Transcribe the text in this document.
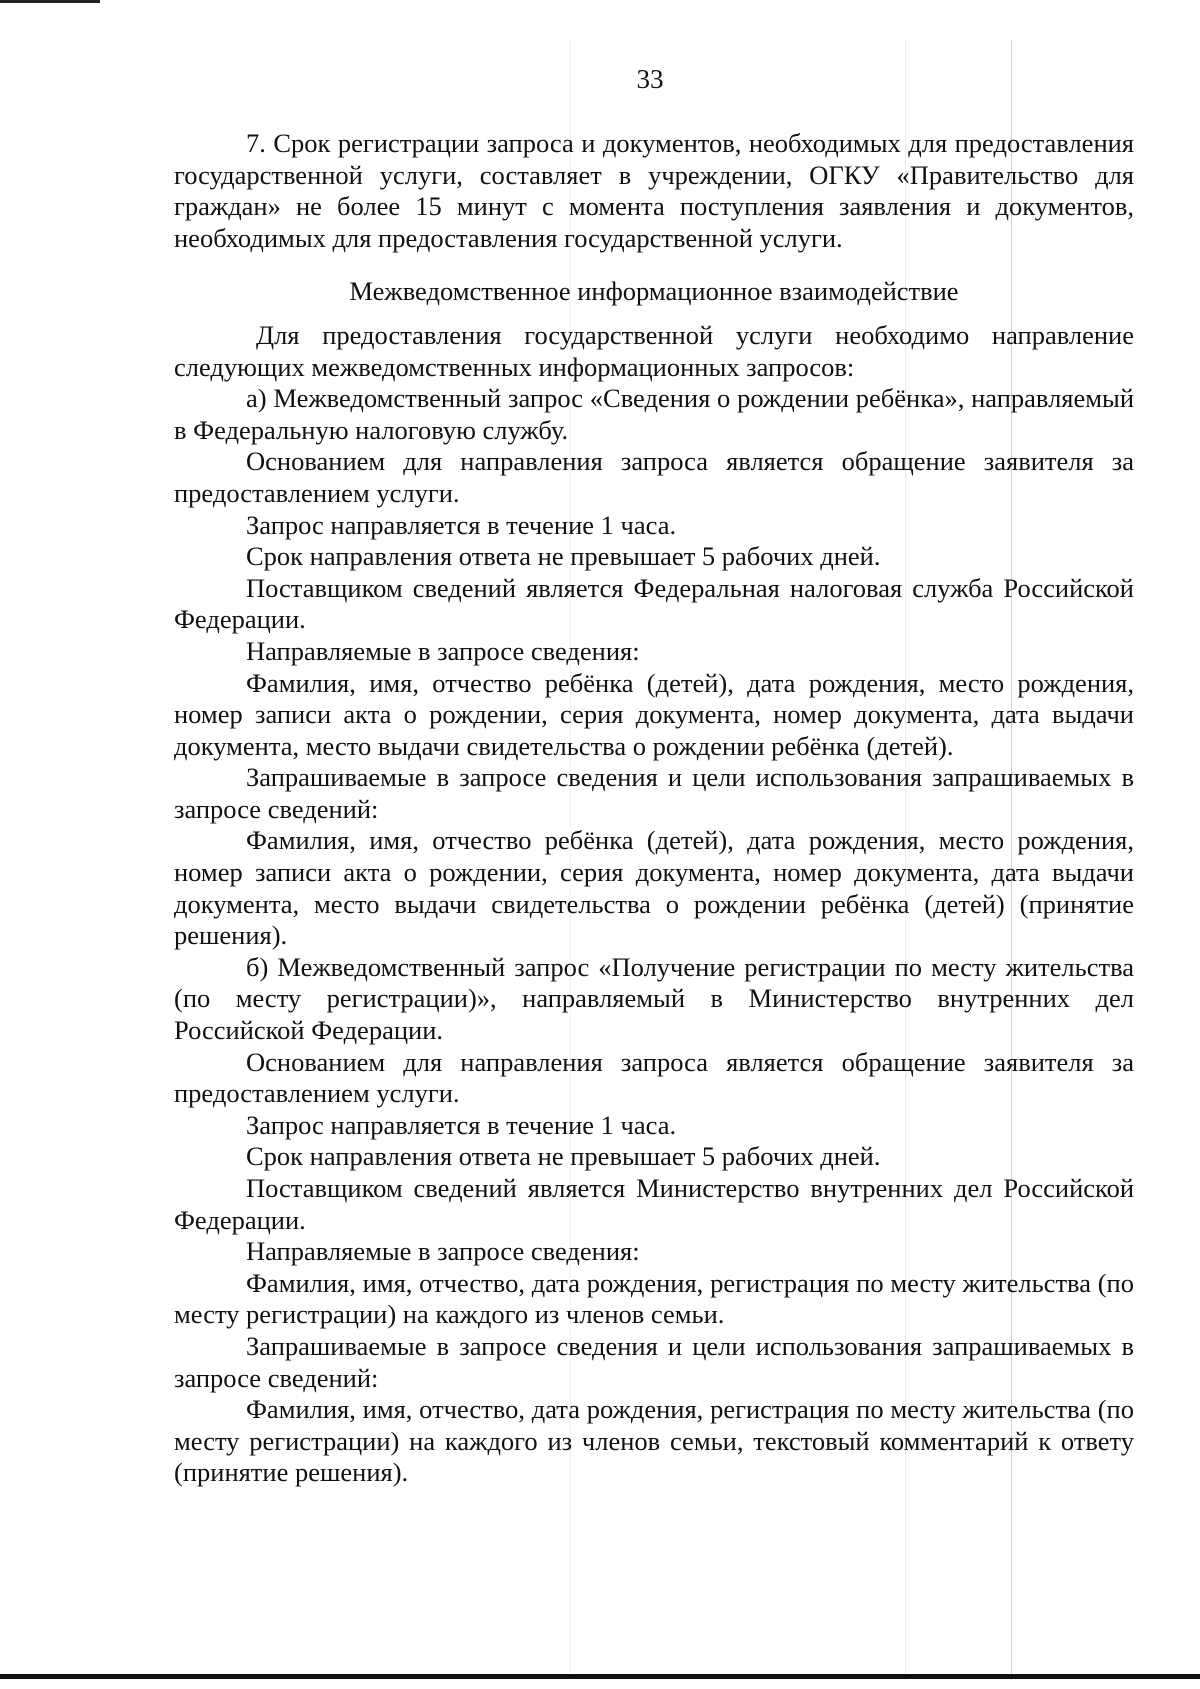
33

7. Срок регистрации запроса и документов, необходимых для предоставления государственной услуги, составляет в учреждении, ОГКУ «Правительство для граждан» не более 15 минут с момента поступления заявления и документов, необходимых для предоставления государственной услуги.

Межведомственное информационное взаимодействие

Для предоставления государственной услуги необходимо направление следующих межведомственных информационных запросов:

а) Межведомственный запрос «Сведения о рождении ребёнка», направляемый в Федеральную налоговую службу.

Основанием для направления запроса является обращение заявителя за предоставлением услуги.

Запрос направляется в течение 1 часа.

Срок направления ответа не превышает 5 рабочих дней.

Поставщиком сведений является Федеральная налоговая служба Российской Федерации.

Направляемые в запросе сведения:

Фамилия, имя, отчество ребёнка (детей), дата рождения, место рождения, номер записи акта о рождении, серия документа, номер документа, дата выдачи документа, место выдачи свидетельства о рождении ребёнка (детей).

Запрашиваемые в запросе сведения и цели использования запрашиваемых в запросе сведений:

Фамилия, имя, отчество ребёнка (детей), дата рождения, место рождения, номер записи акта о рождении, серия документа, номер документа, дата выдачи документа, место выдачи свидетельства о рождении ребёнка (детей) (принятие решения).

б) Межведомственный запрос «Получение регистрации по месту жительства (по месту регистрации)», направляемый в Министерство внутренних дел Российской Федерации.

Основанием для направления запроса является обращение заявителя за предоставлением услуги.

Запрос направляется в течение 1 часа.

Срок направления ответа не превышает 5 рабочих дней.

Поставщиком сведений является Министерство внутренних дел Российской Федерации.

Направляемые в запросе сведения:

Фамилия, имя, отчество, дата рождения, регистрация по месту жительства (по месту регистрации) на каждого из членов семьи.

Запрашиваемые в запросе сведения и цели использования запрашиваемых в запросе сведений:

Фамилия, имя, отчество, дата рождения, регистрация по месту жительства (по месту регистрации) на каждого из членов семьи, текстовый комментарий к ответу (принятие решения).
